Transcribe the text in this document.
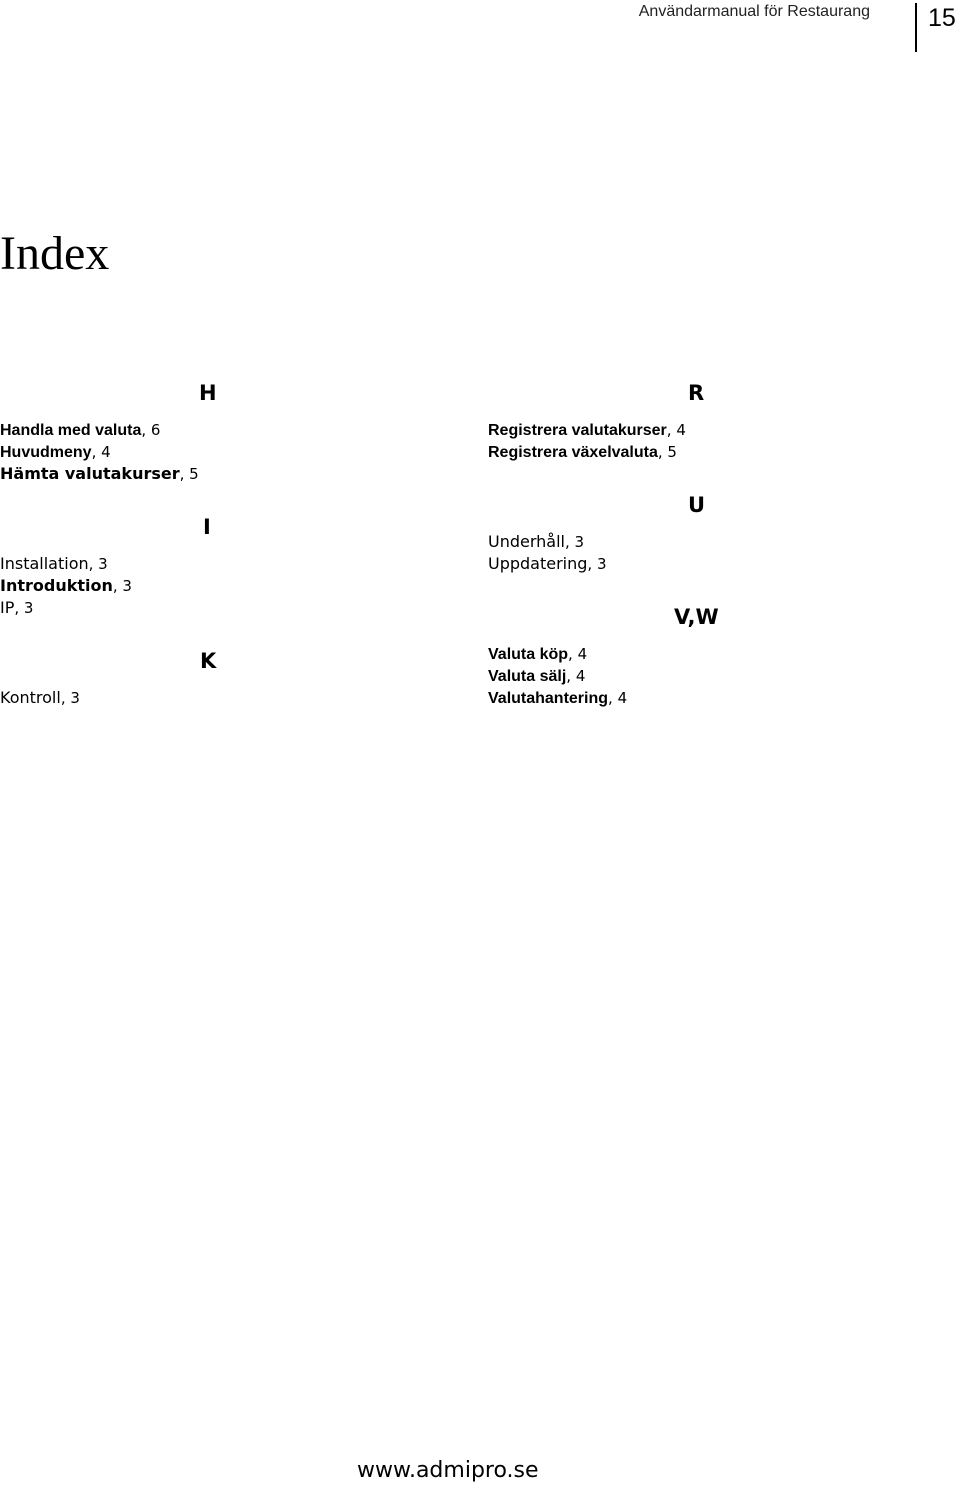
Användarmanual för Restaurang 15
Index
H
Handla med valuta, 6
Huvudmeny, 4
Hämta valutakurser, 5
I
Installation, 3
Introduktion, 3
IP, 3
K
Kontroll, 3
R
Registrera valutakurser, 4
Registrera växelvaluta, 5
U
Underhåll, 3
Uppdatering, 3
V,W
Valuta köp, 4
Valuta sälj, 4
Valutahantering, 4
www.admipro.se
